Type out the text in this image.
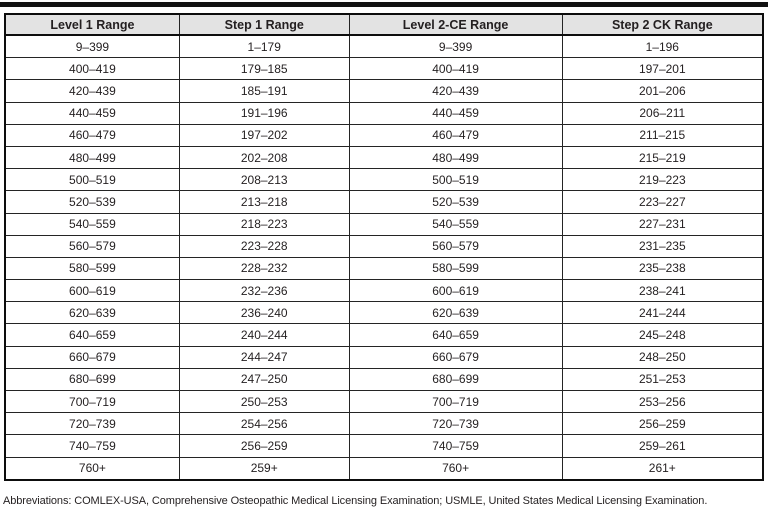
Level 1 Range	Step 1 Range	Level 2-CE Range	Step 2 CK Range
9–399	1–179	9–399	1–196
400–419	179–185	400–419	197–201
420–439	185–191	420–439	201–206
440–459	191–196	440–459	206–211
460–479	197–202	460–479	211–215
480–499	202–208	480–499	215–219
500–519	208–213	500–519	219–223
520–539	213–218	520–539	223–227
540–559	218–223	540–559	227–231
560–579	223–228	560–579	231–235
580–599	228–232	580–599	235–238
600–619	232–236	600–619	238–241
620–639	236–240	620–639	241–244
640–659	240–244	640–659	245–248
660–679	244–247	660–679	248–250
680–699	247–250	680–699	251–253
700–719	250–253	700–719	253–256
720–739	254–256	720–739	256–259
740–759	256–259	740–759	259–261
760+	259+	760+	261+
Abbreviations: COMLEX-USA, Comprehensive Osteopathic Medical Licensing Examination; USMLE, United States Medical Licensing Examination.
